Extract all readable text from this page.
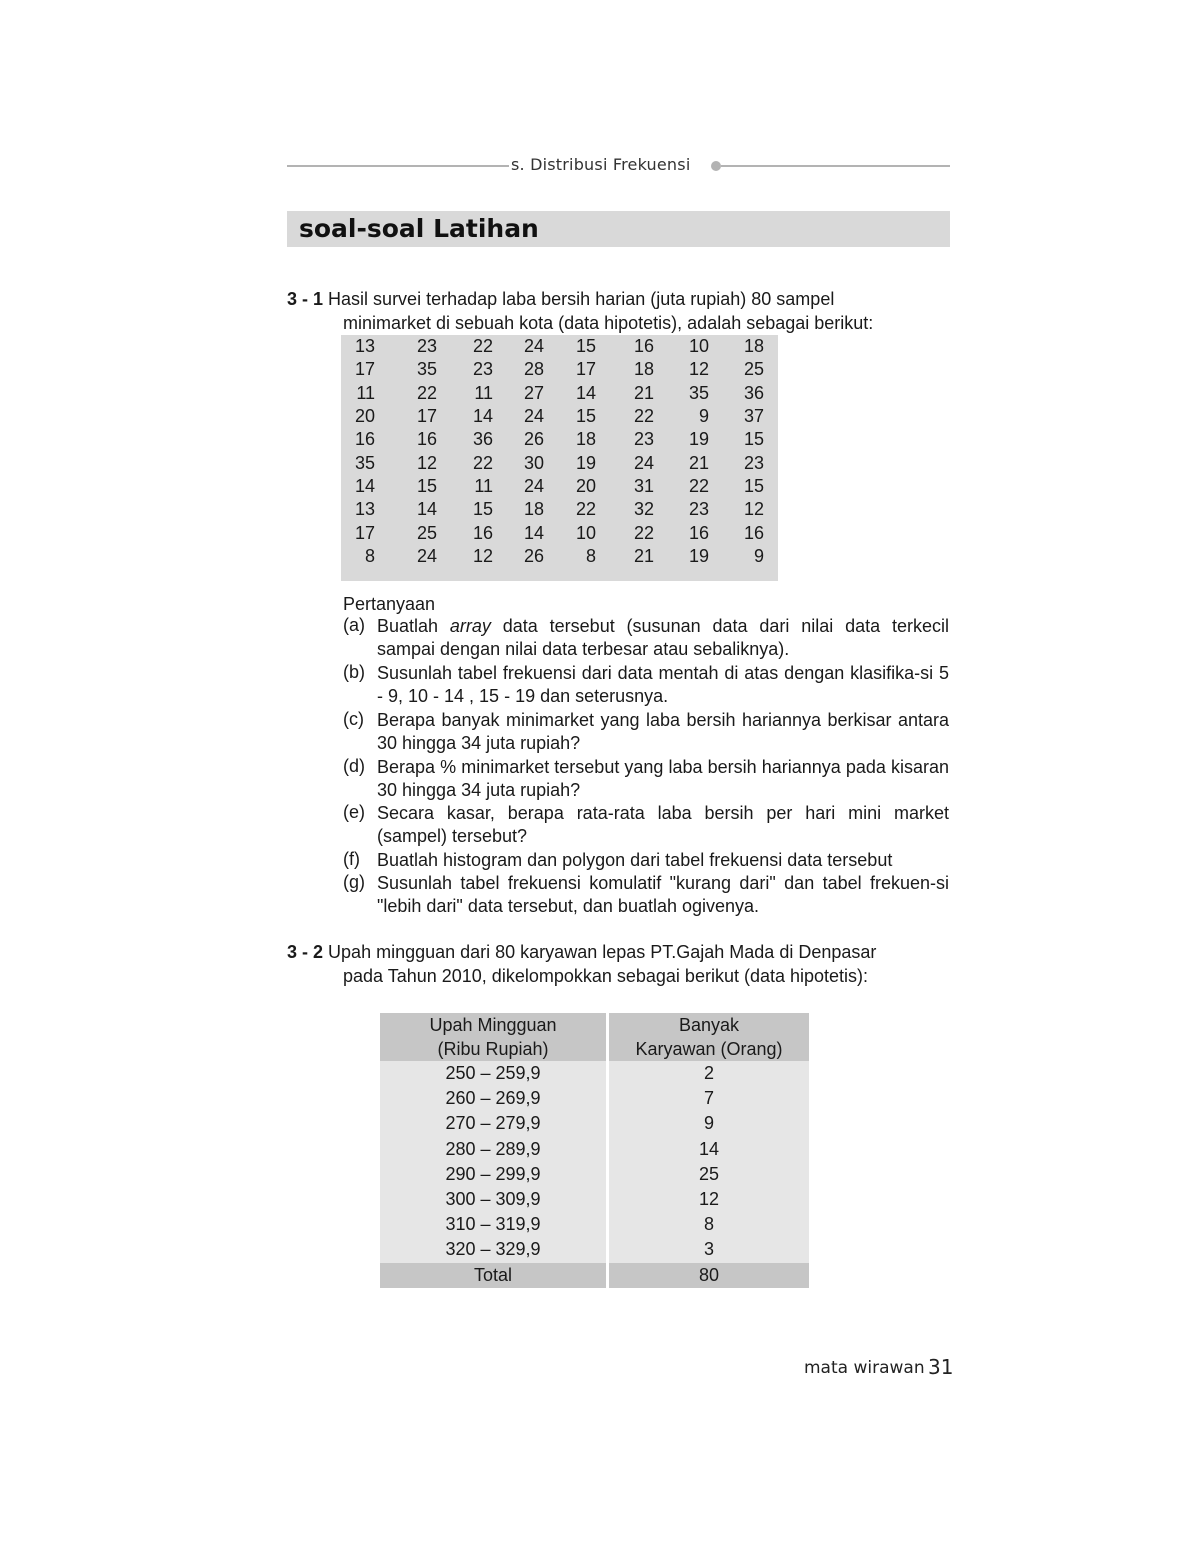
s. Distribusi Frekuensi
soal-soal Latihan
3 - 1 Hasil survei terhadap laba bersih harian (juta rupiah) 80 sampel
minimarket di sebuah kota (data hipotetis), adalah sebagai berikut:
13	23	22	24	15	16	10	18
17	35	23	28	17	18	12	25
11	22	11	27	14	21	35	36
20	17	14	24	15	22	9	37
16	16	36	26	18	23	19	15
35	12	22	30	19	24	21	23
14	15	11	24	20	31	22	15
13	14	15	18	22	32	23	12
17	25	16	14	10	22	16	16
8	24	12	26	8	21	19	9
Pertanyaan
(a) Buatlah array data tersebut (susunan data dari nilai data terkecil sampai dengan nilai data terbesar atau sebaliknya).
(b) Susunlah tabel frekuensi dari data mentah di atas dengan klasifika-si 5 - 9, 10 - 14 , 15 - 19 dan seterusnya.
(c) Berapa banyak minimarket yang laba bersih hariannya berkisar antara 30 hingga 34 juta rupiah?
(d) Berapa % minimarket tersebut yang laba bersih hariannya pada kisaran 30 hingga 34 juta rupiah?
(e) Secara kasar, berapa rata-rata laba bersih per hari mini market (sampel) tersebut?
(f) Buatlah histogram dan polygon dari tabel frekuensi data tersebut
(g) Susunlah tabel frekuensi komulatif "kurang dari" dan tabel frekuen-si "lebih dari" data tersebut, dan buatlah ogivenya.
3 - 2 Upah mingguan dari 80 karyawan lepas PT.Gajah Mada di Denpasar
pada Tahun 2010, dikelompokkan sebagai berikut (data hipotetis):
Upah Mingguan
(Ribu Rupiah)	Banyak
Karyawan (Orang)
250 – 259,9	2
260 – 269,9	7
270 – 279,9	9
280 – 289,9	14
290 – 299,9	25
300 – 309,9	12
310 – 319,9	8
320 – 329,9	3
Total	80
mata wirawan 31
